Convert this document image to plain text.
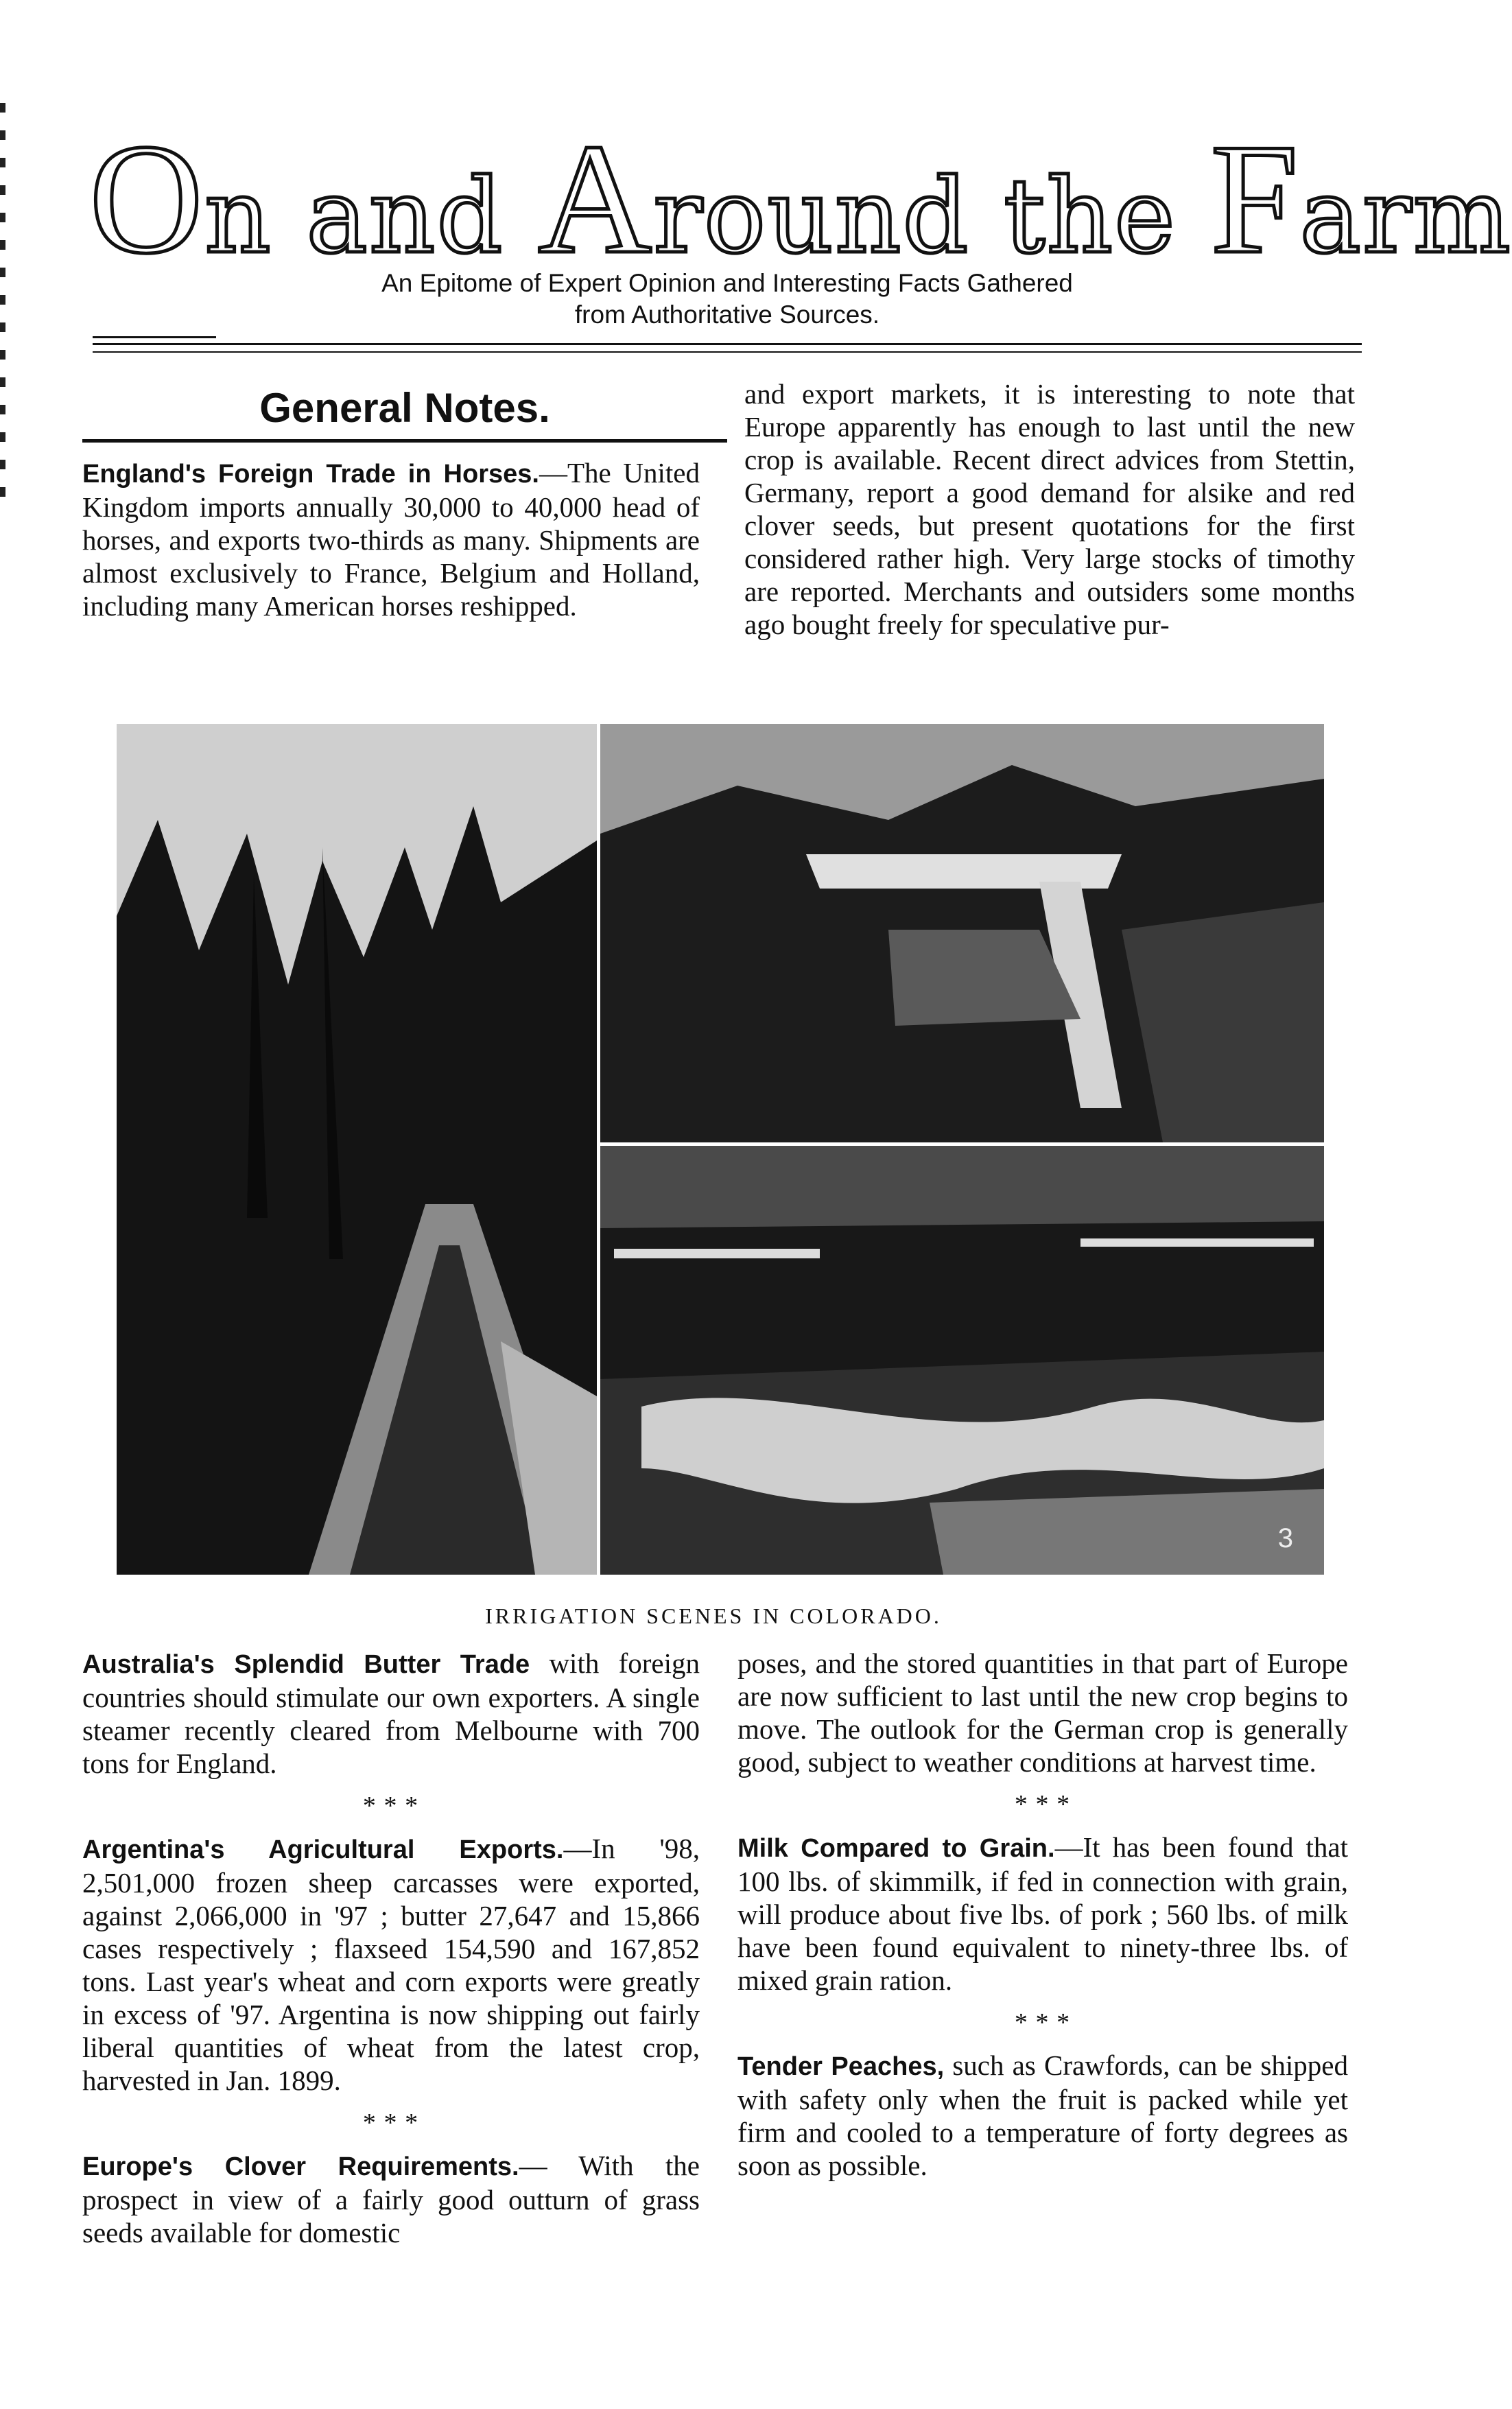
On and Around the Farm
An Epitome of Expert Opinion and Interesting Facts Gathered
from Authoritative Sources.
General Notes.

England's Foreign Trade in Horses.—The United Kingdom imports annually 30,000 to 40,000 head of horses, and exports two-thirds as many. Shipments are almost exclusively to France, Belgium and Holland, including many American horses reshipped.

and export markets, it is interesting to note that Europe apparently has enough to last until the new crop is available. Recent direct advices from Stettin, Germany, report a good demand for alsike and red clover seeds, but present quotations for the first considered rather high. Very large stocks of timothy are reported. Merchants and outsiders some months ago bought freely for speculative pur-

3
IRRIGATION SCENES IN COLORADO.

Australia's Splendid Butter Trade with foreign countries should stimulate our own exporters. A single steamer recently cleared from Melbourne with 700 tons for England.

* * *

Argentina's Agricultural Exports.—In '98, 2,501,000 frozen sheep carcasses were exported, against 2,066,000 in '97 ; butter 27,647 and 15,866 cases respectively ; flaxseed 154,590 and 167,852 tons. Last year's wheat and corn exports were greatly in excess of '97. Argentina is now shipping out fairly liberal quantities of wheat from the latest crop, harvested in Jan. 1899.

* * *

Europe's Clover Requirements.— With the prospect in view of a fairly good outturn of grass seeds available for domestic

poses, and the stored quantities in that part of Europe are now sufficient to last until the new crop begins to move. The outlook for the German crop is generally good, subject to weather conditions at harvest time.

* * *

Milk Compared to Grain.—It has been found that 100 lbs. of skimmilk, if fed in connection with grain, will produce about five lbs. of pork ; 560 lbs. of milk have been found equivalent to ninety-three lbs. of mixed grain ration.

* * *

Tender Peaches, such as Crawfords, can be shipped with safety only when the fruit is packed while yet firm and cooled to a temperature of forty degrees as soon as possible.
